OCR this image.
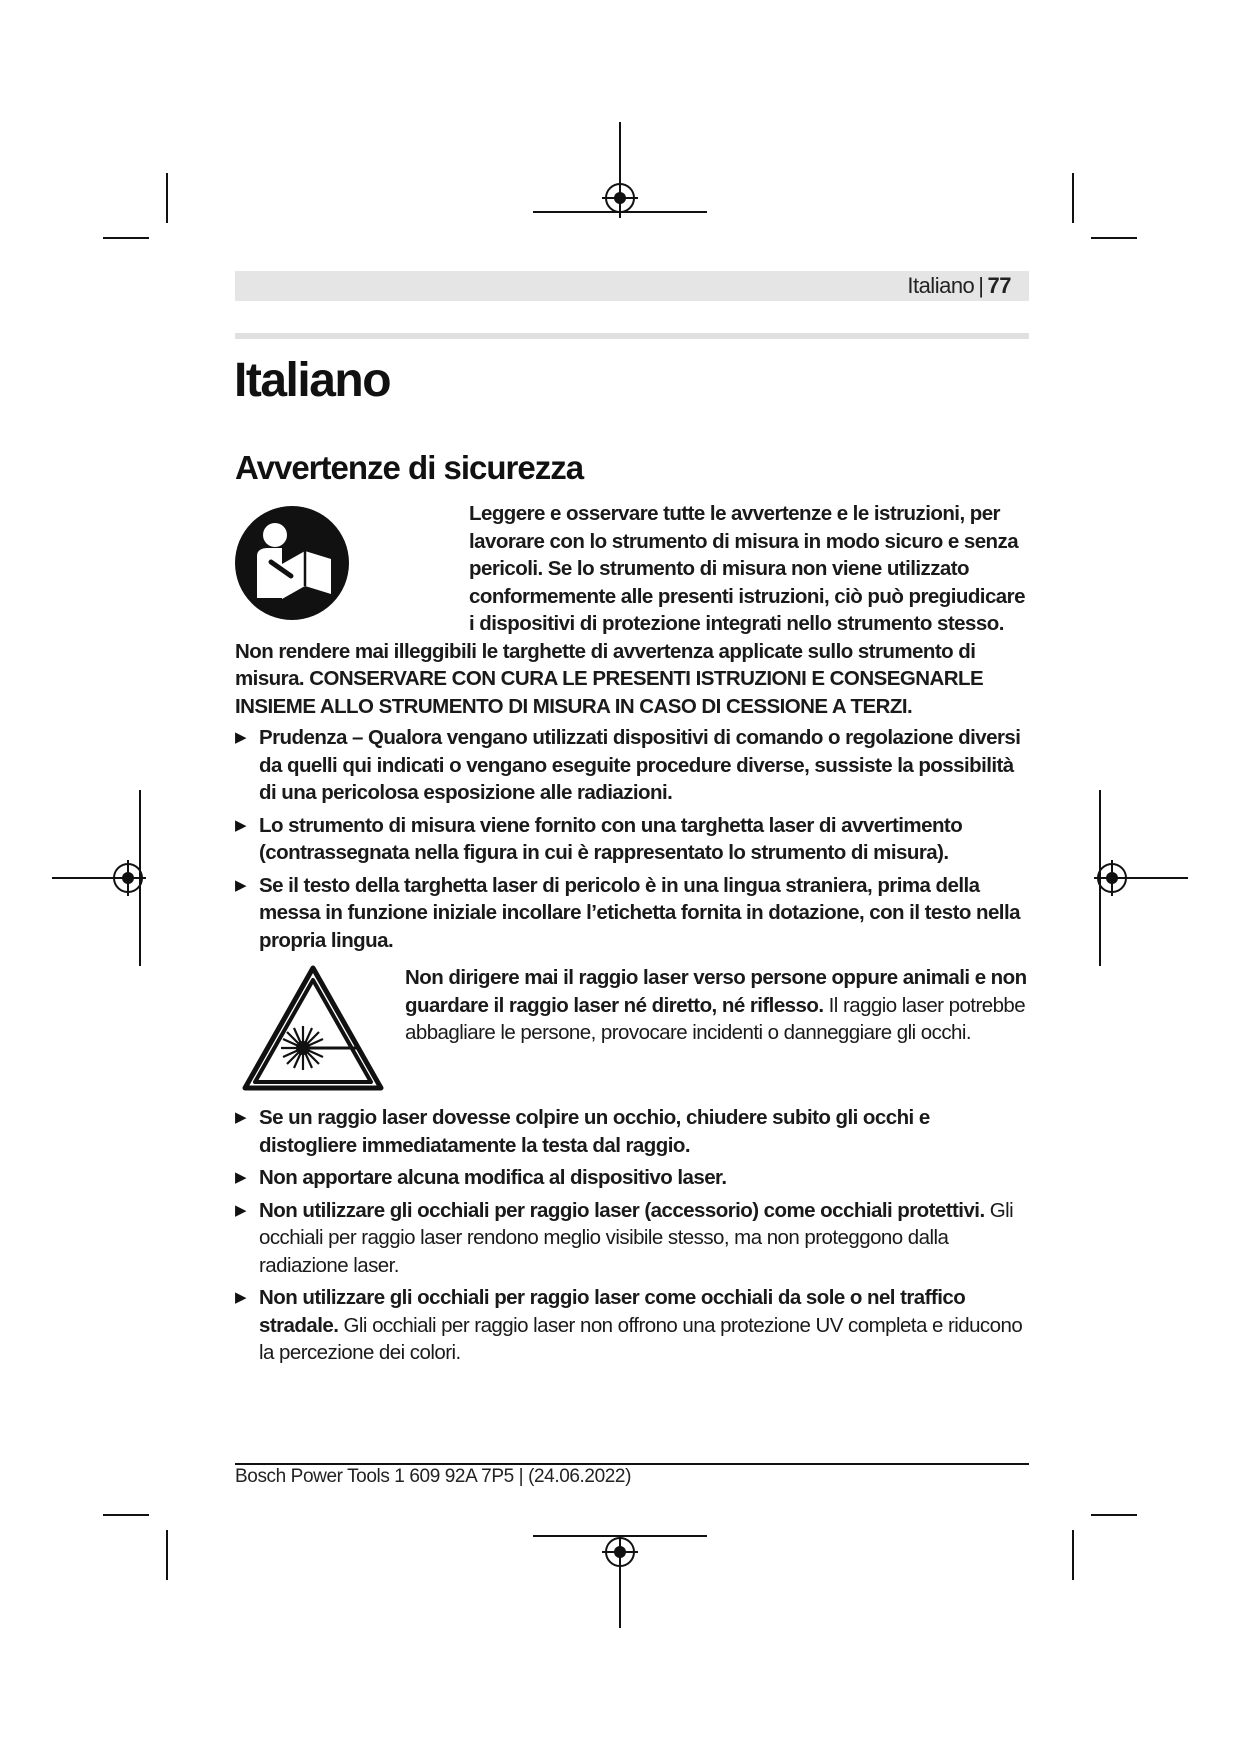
Italiano | 77
Italiano
Avvertenze di sicurezza

Leggere e osservare tutte le avvertenze e le istruzioni, per lavorare con lo strumento di misura in modo sicuro e senza pericoli. Se lo strumento di misura non viene utilizzato conformemente alle presenti istruzioni, ciò può pregiudicare i dispositivi di protezione integrati nello strumento stesso. Non rendere mai illeggibili le targhette di avvertenza applicate sullo strumento di misura. CONSERVARE CON CURA LE PRESENTI ISTRUZIONI E CONSEGNARLE INSIEME ALLO STRUMENTO DI MISURA IN CASO DI CESSIONE A TERZI.

▶ Prudenza – Qualora vengano utilizzati dispositivi di comando o regolazione diversi da quelli qui indicati o vengano eseguite procedure diverse, sussiste la possibilità di una pericolosa esposizione alle radiazioni.

▶ Lo strumento di misura viene fornito con una targhetta laser di avvertimento (contrassegnata nella figura in cui è rappresentato lo strumento di misura).

▶ Se il testo della targhetta laser di pericolo è in una lingua straniera, prima della messa in funzione iniziale incollare l’etichetta fornita in dotazione, con il testo nella propria lingua.

Non dirigere mai il raggio laser verso persone oppure animali e non guardare il raggio laser né diretto, né riflesso. Il raggio laser potrebbe abbagliare le persone, provocare incidenti o danneggiare gli occhi.

▶ Se un raggio laser dovesse colpire un occhio, chiudere subito gli occhi e distogliere immediatamente la testa dal raggio.

▶ Non apportare alcuna modifica al dispositivo laser.

▶ Non utilizzare gli occhiali per raggio laser (accessorio) come occhiali protettivi. Gli occhiali per raggio laser rendono meglio visibile stesso, ma non proteggono dalla radiazione laser.

▶ Non utilizzare gli occhiali per raggio laser come occhiali da sole o nel traffico stradale. Gli occhiali per raggio laser non offrono una protezione UV completa e riducono la percezione dei colori.

Bosch Power Tools 1 609 92A 7P5 | (24.06.2022)
